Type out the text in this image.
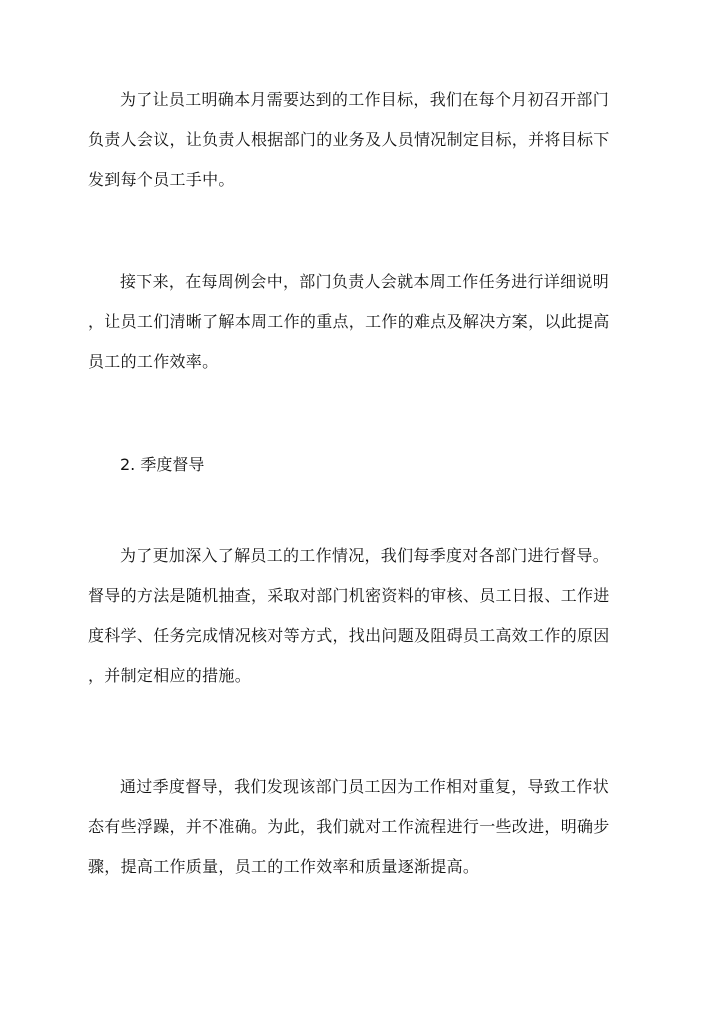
为了让员工明确本月需要达到的工作目标，我们在每个月初召开部门
负责人会议，让负责人根据部门的业务及人员情况制定目标，并将目标下
发到每个员工手中。
接下来，在每周例会中，部门负责人会就本周工作任务进行详细说明
，让员工们清晰了解本周工作的重点，工作的难点及解决方案，以此提高
员工的工作效率。
2. 季度督导
为了更加深入了解员工的工作情况，我们每季度对各部门进行督导。
督导的方法是随机抽查，采取对部门机密资料的审核、员工日报、工作进
度科学、任务完成情况核对等方式，找出问题及阻碍员工高效工作的原因
，并制定相应的措施。
通过季度督导，我们发现该部门员工因为工作相对重复，导致工作状
态有些浮躁，并不准确。为此，我们就对工作流程进行一些改进，明确步
骤，提高工作质量，员工的工作效率和质量逐渐提高。
